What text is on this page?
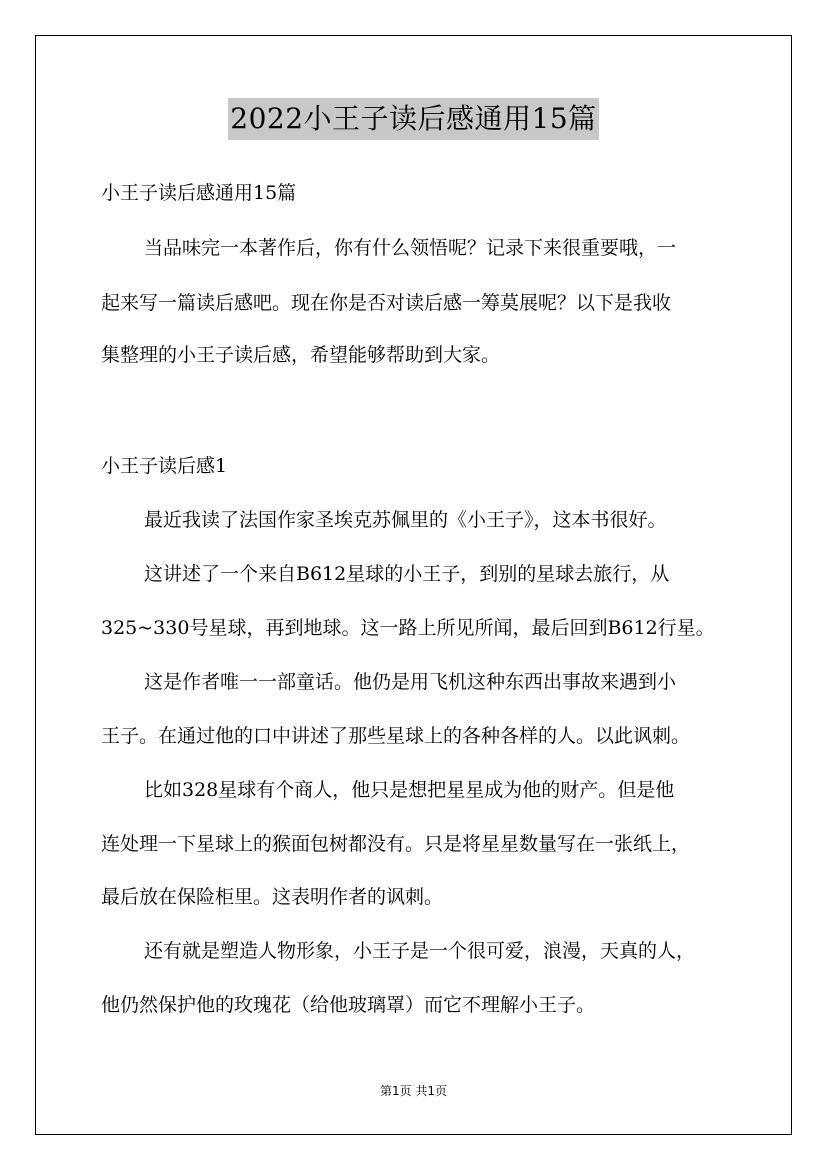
2022小王子读后感通用15篇
小王子读后感通用15篇
当品味完一本著作后，你有什么领悟呢？记录下来很重要哦，一
起来写一篇读后感吧。现在你是否对读后感一筹莫展呢？以下是我收
集整理的小王子读后感，希望能够帮助到大家。
小王子读后感1
最近我读了法国作家圣埃克苏佩里的《小王子》，这本书很好。
这讲述了一个来自B612星球的小王子，到别的星球去旅行，从
325~330号星球，再到地球。这一路上所见所闻，最后回到B612行星。
这是作者唯一一部童话。他仍是用飞机这种东西出事故来遇到小
王子。在通过他的口中讲述了那些星球上的各种各样的人。以此讽刺。
比如328星球有个商人，他只是想把星星成为他的财产。但是他
连处理一下星球上的猴面包树都没有。只是将星星数量写在一张纸上，
最后放在保险柜里。这表明作者的讽刺。
还有就是塑造人物形象，小王子是一个很可爱，浪漫，天真的人，
他仍然保护他的玫瑰花（给他玻璃罩）而它不理解小王子。
第1页 共1页
